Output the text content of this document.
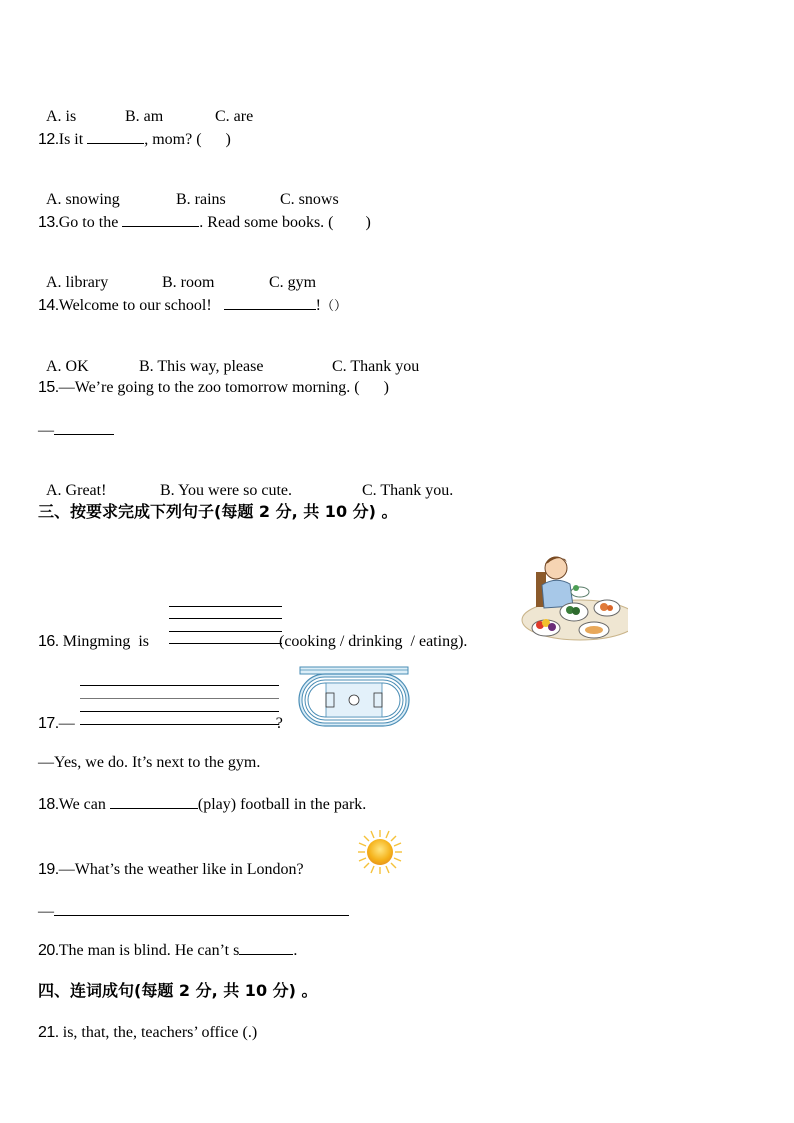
A. is	B. am	C. are

12.Is it	, mom? (      )

A. snowing	B. rains	C. snows

13.Go to the	. Read some books. (        )

A. library	B. room	C. gym

14.Welcome to our school!	!（）

A. OK	B. This way, please	C. Thank you

15.—We’re going to the zoo tomorrow morning. (      )
—

A. Great!	B. You were so cute.	C. Thank you.

三、按要求完成下列句子(每题 2 分, 共 10 分) 。
16. Mingming  is	(cooking / drinking  / eating).
17.—	?
—Yes, we do. It’s next to the gym.
18.We can	(play) football in the park.
19.—What’s the weather like in London?
—
20.The man is blind. He can’t s	.
四、连词成句(每题 2 分, 共 10 分) 。
21. is, that, the, teachers’ office (.)
